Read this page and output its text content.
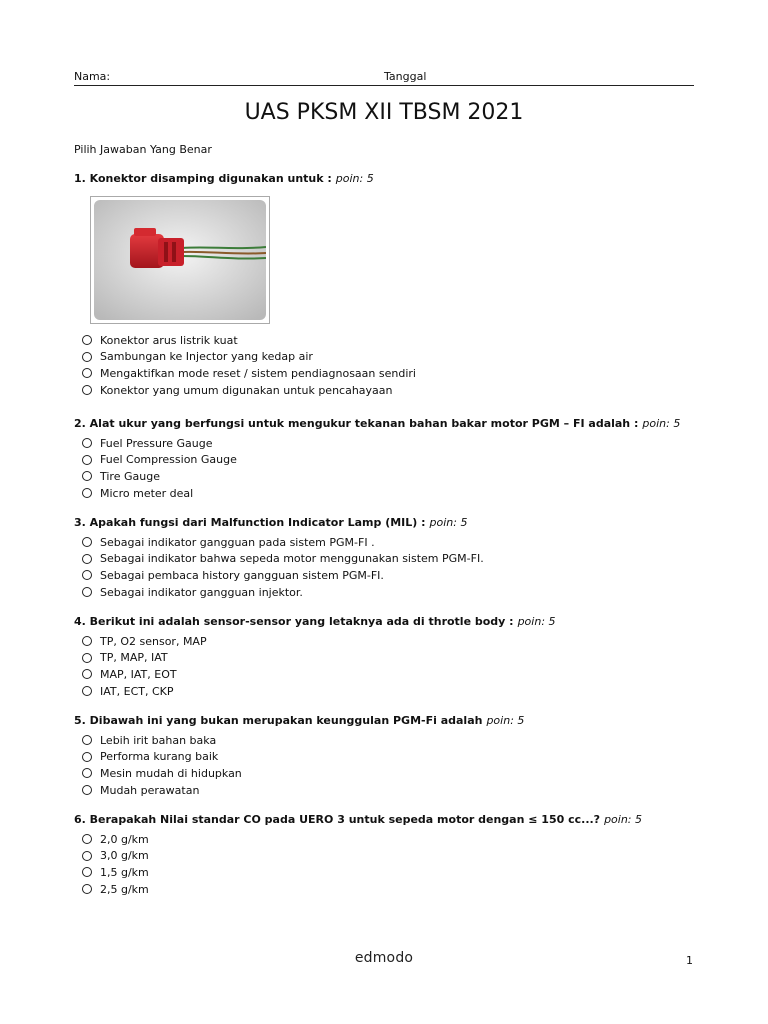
Nama:	Tanggal
UAS PKSM XII TBSM 2021
Pilih Jawaban Yang Benar
1. Konektor disamping digunakan untuk : poin: 5
Konektor arus listrik kuat
Sambungan ke Injector yang kedap air
Mengaktifkan mode reset / sistem pendiagnosaan sendiri
Konektor yang umum digunakan untuk pencahayaan
2. Alat ukur yang berfungsi untuk mengukur tekanan bahan bakar motor PGM – FI adalah : poin: 5
Fuel Pressure Gauge
Fuel Compression Gauge
Tire Gauge
Micro meter deal
3. Apakah fungsi dari Malfunction Indicator Lamp (MIL) : poin: 5
Sebagai indikator gangguan pada sistem PGM-FI .
Sebagai indikator bahwa sepeda motor menggunakan sistem PGM-FI.
Sebagai pembaca history gangguan sistem PGM-FI.
Sebagai indikator gangguan injektor.
4. Berikut ini adalah sensor-sensor yang letaknya ada di throtle body : poin: 5
TP, O2 sensor, MAP
TP, MAP, IAT
MAP, IAT, EOT
IAT, ECT, CKP
5. Dibawah ini yang bukan merupakan keunggulan PGM-Fi adalah poin: 5
Lebih irit bahan baka
Performa kurang baik
Mesin mudah di hidupkan
Mudah perawatan
6. Berapakah Nilai standar CO pada UERO 3 untuk sepeda motor dengan ≤ 150 cc...? poin: 5
2,0 g/km
3,0 g/km
1,5 g/km
2,5 g/km
edmodo	1
